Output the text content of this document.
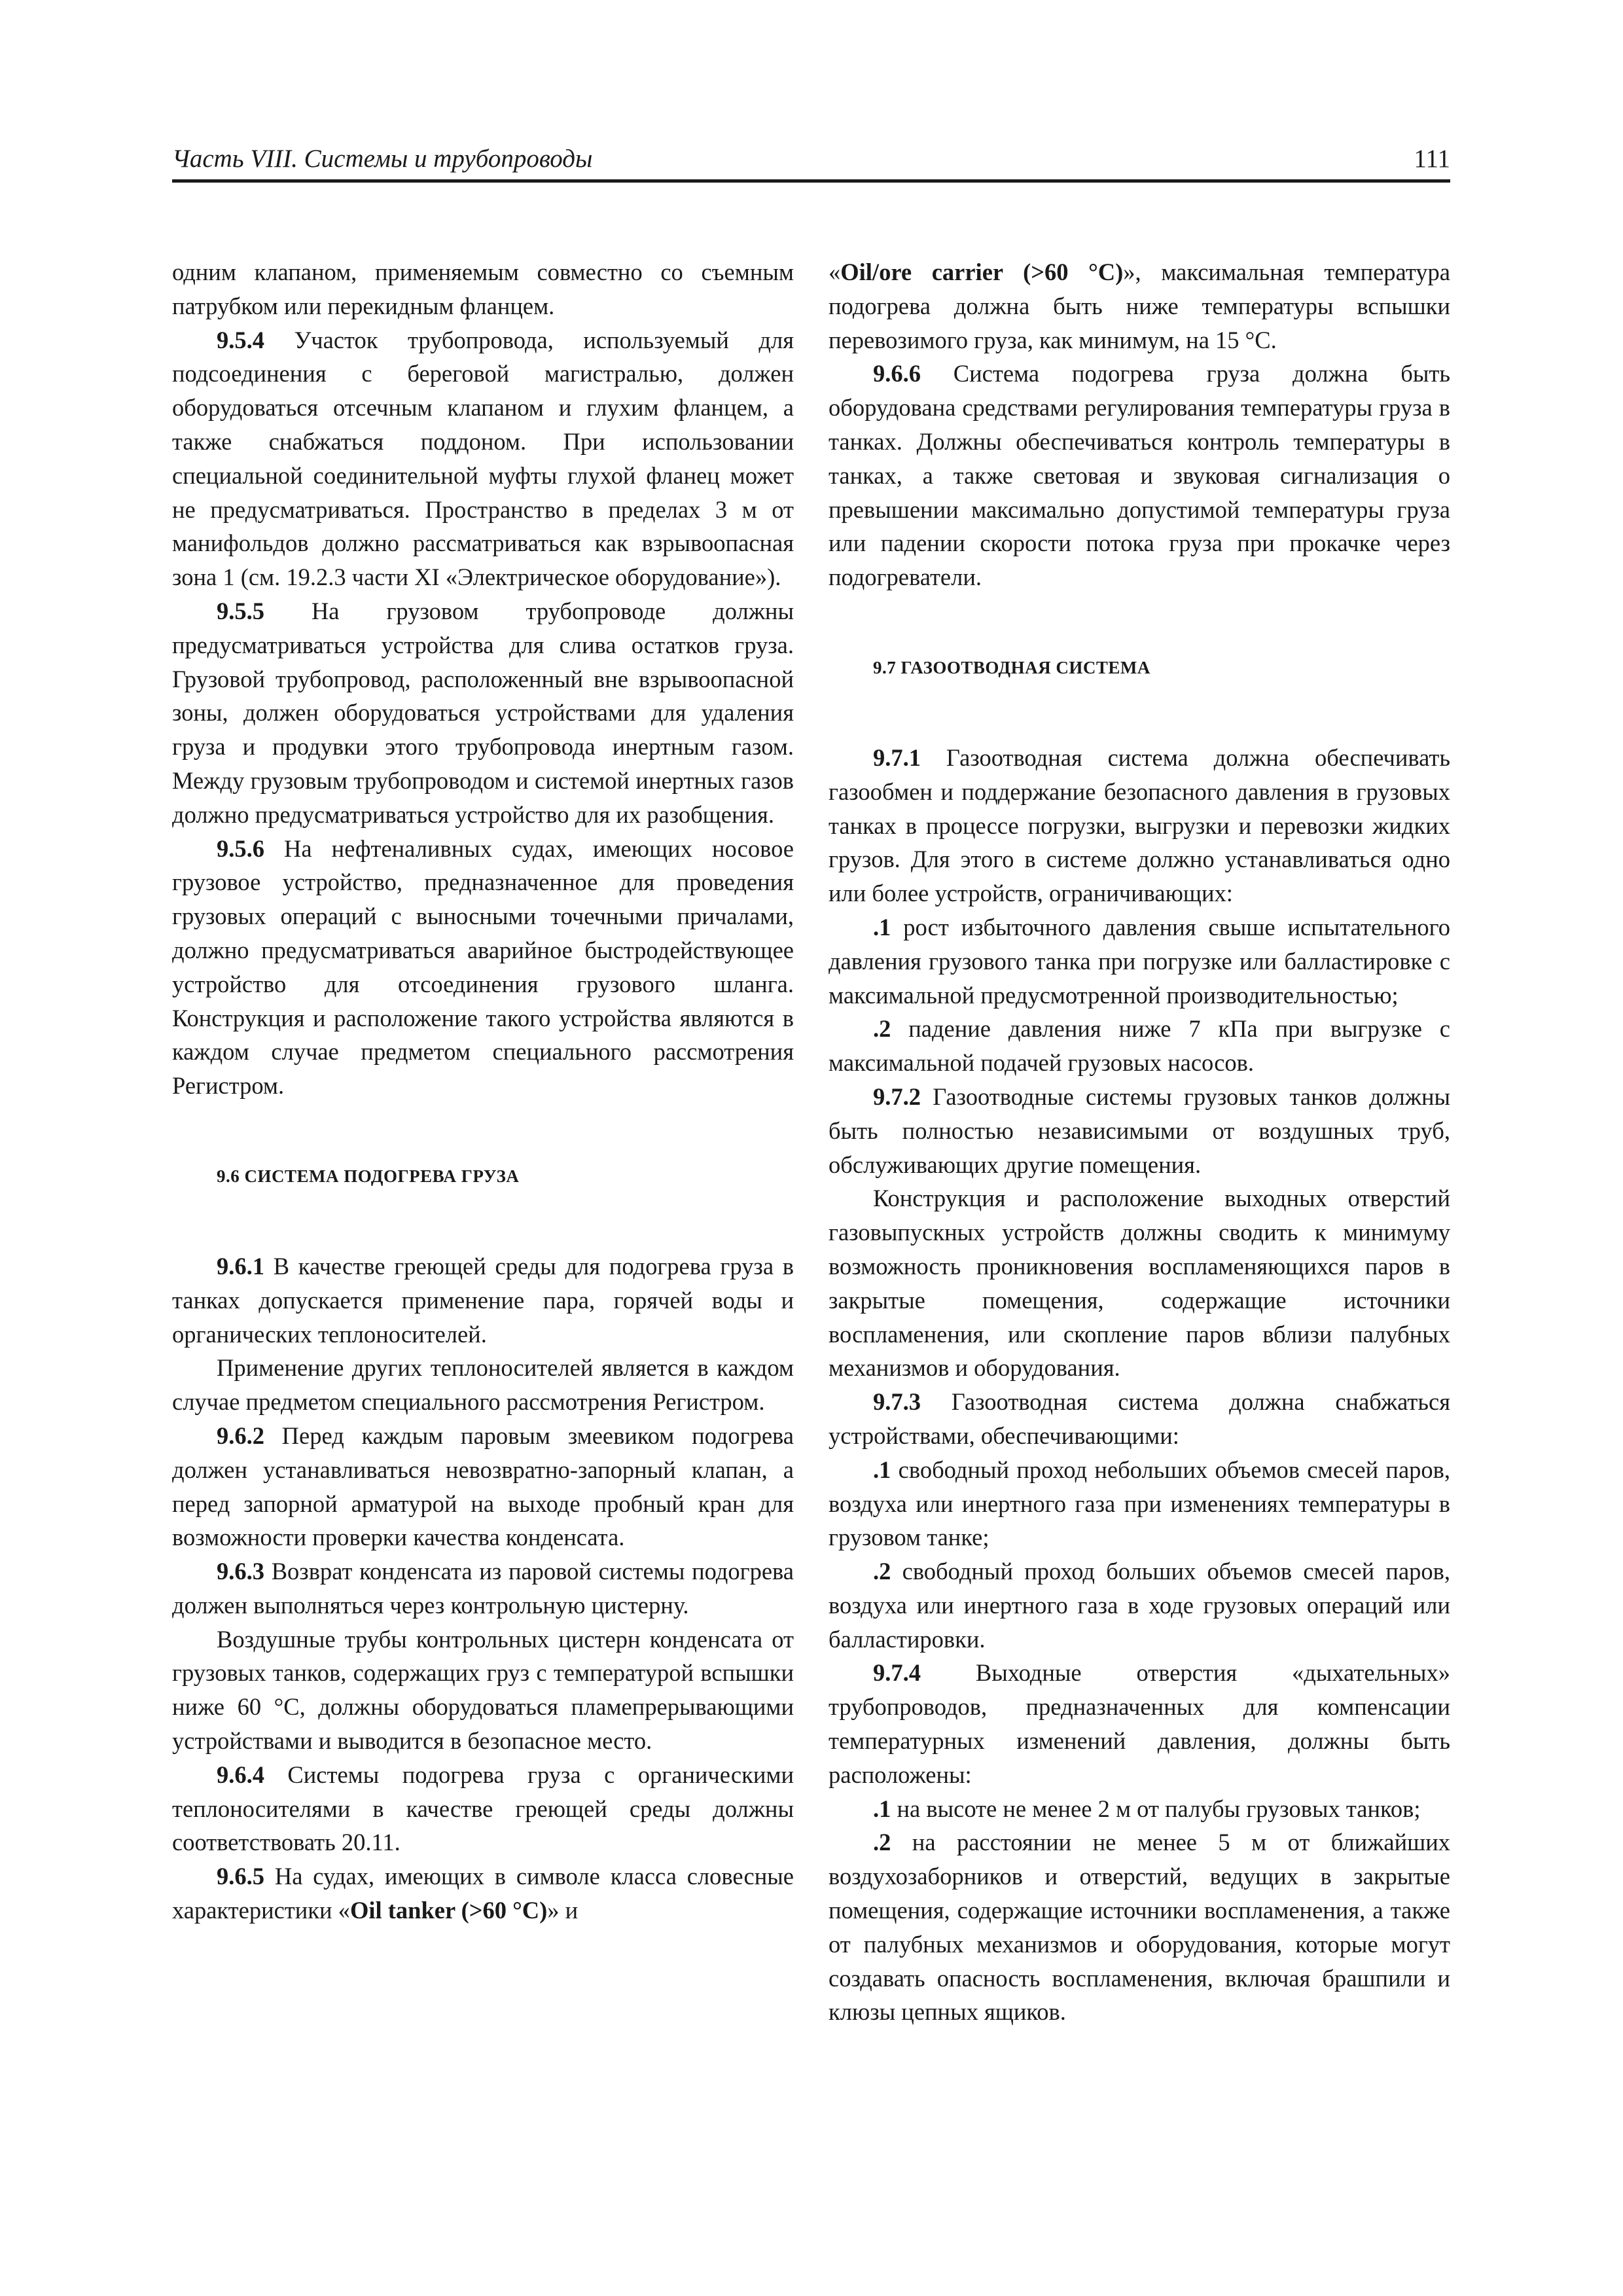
Часть VIII. Системы и трубопроводы	111

одним клапаном, применяемым совместно со съемным патрубком или перекидным фланцем.

9.5.4 Участок трубопровода, используемый для подсоединения с береговой магистралью, должен оборудоваться отсечным клапаном и глухим фланцем, а также снабжаться поддоном. При использовании специальной соединительной муфты глухой фланец может не предусматриваться. Пространство в пределах 3 м от манифольдов должно рассматриваться как взрывоопасная зона 1 (см. 19.2.3 части XI «Электрическое оборудование»).

9.5.5 На грузовом трубопроводе должны предусматриваться устройства для слива остатков груза. Грузовой трубопровод, расположенный вне взрывоопасной зоны, должен оборудоваться устройствами для удаления груза и продувки этого трубопровода инертным газом. Между грузовым трубопроводом и системой инертных газов должно предусматриваться устройство для их разобщения.

9.5.6 На нефтеналивных судах, имеющих носовое грузовое устройство, предназначенное для проведения грузовых операций с выносными точечными причалами, должно предусматриваться аварийное быстродействующее устройство для отсоединения грузового шланга. Конструкция и расположение такого устройства являются в каждом случае предметом специального рассмотрения Регистром.

9.6 СИСТЕМА ПОДОГРЕВА ГРУЗА

9.6.1 В качестве греющей среды для подогрева груза в танках допускается применение пара, горячей воды и органических теплоносителей.

Применение других теплоносителей является в каждом случае предметом специального рассмотрения Регистром.

9.6.2 Перед каждым паровым змеевиком подогрева должен устанавливаться невозвратно-запорный клапан, а перед запорной арматурой на выходе пробный кран для возможности проверки качества конденсата.

9.6.3 Возврат конденсата из паровой системы подогрева должен выполняться через контрольную цистерну.

Воздушные трубы контрольных цистерн конденсата от грузовых танков, содержащих груз с температурой вспышки ниже 60 °С, должны оборудоваться пламепрерывающими устройствами и выводится в безопасное место.

9.6.4 Системы подогрева груза с органическими теплоносителями в качестве греющей среды должны соответствовать 20.11.

9.6.5 На судах, имеющих в символе класса словесные характеристики «Oil tanker (>60 °C)» и

«Oil/ore carrier (>60 °C)», максимальная температура подогрева должна быть ниже температуры вспышки перевозимого груза, как минимум, на 15 °С.

9.6.6 Система подогрева груза должна быть оборудована средствами регулирования температуры груза в танках. Должны обеспечиваться контроль температуры в танках, а также световая и звуковая сигнализация о превышении максимально допустимой температуры груза или падении скорости потока груза при прокачке через подогреватели.

9.7 ГАЗООТВОДНАЯ СИСТЕМА

9.7.1 Газоотводная система должна обеспечивать газообмен и поддержание безопасного давления в грузовых танках в процессе погрузки, выгрузки и перевозки жидких грузов. Для этого в системе должно устанавливаться одно или более устройств, ограничивающих:

.1 рост избыточного давления свыше испытательного давления грузового танка при погрузке или балластировке с максимальной предусмотренной производительностью;

.2 падение давления ниже 7 кПа при выгрузке с максимальной подачей грузовых насосов.

9.7.2 Газоотводные системы грузовых танков должны быть полностью независимыми от воздушных труб, обслуживающих другие помещения.

Конструкция и расположение выходных отверстий газовыпускных устройств должны сводить к минимуму возможность проникновения воспламеняющихся паров в закрытые помещения, содержащие источники воспламенения, или скопление паров вблизи палубных механизмов и оборудования.

9.7.3 Газоотводная система должна снабжаться устройствами, обеспечивающими:

.1 свободный проход небольших объемов смесей паров, воздуха или инертного газа при изменениях температуры в грузовом танке;

.2 свободный проход больших объемов смесей паров, воздуха или инертного газа в ходе грузовых операций или балластировки.

9.7.4 Выходные отверстия «дыхательных» трубопроводов, предназначенных для компенсации температурных изменений давления, должны быть расположены:

.1 на высоте не менее 2 м от палубы грузовых танков;

.2 на расстоянии не менее 5 м от ближайших воздухозаборников и отверстий, ведущих в закрытые помещения, содержащие источники воспламенения, а также от палубных механизмов и оборудования, которые могут создавать опасность воспламенения, включая брашпили и клюзы цепных ящиков.
